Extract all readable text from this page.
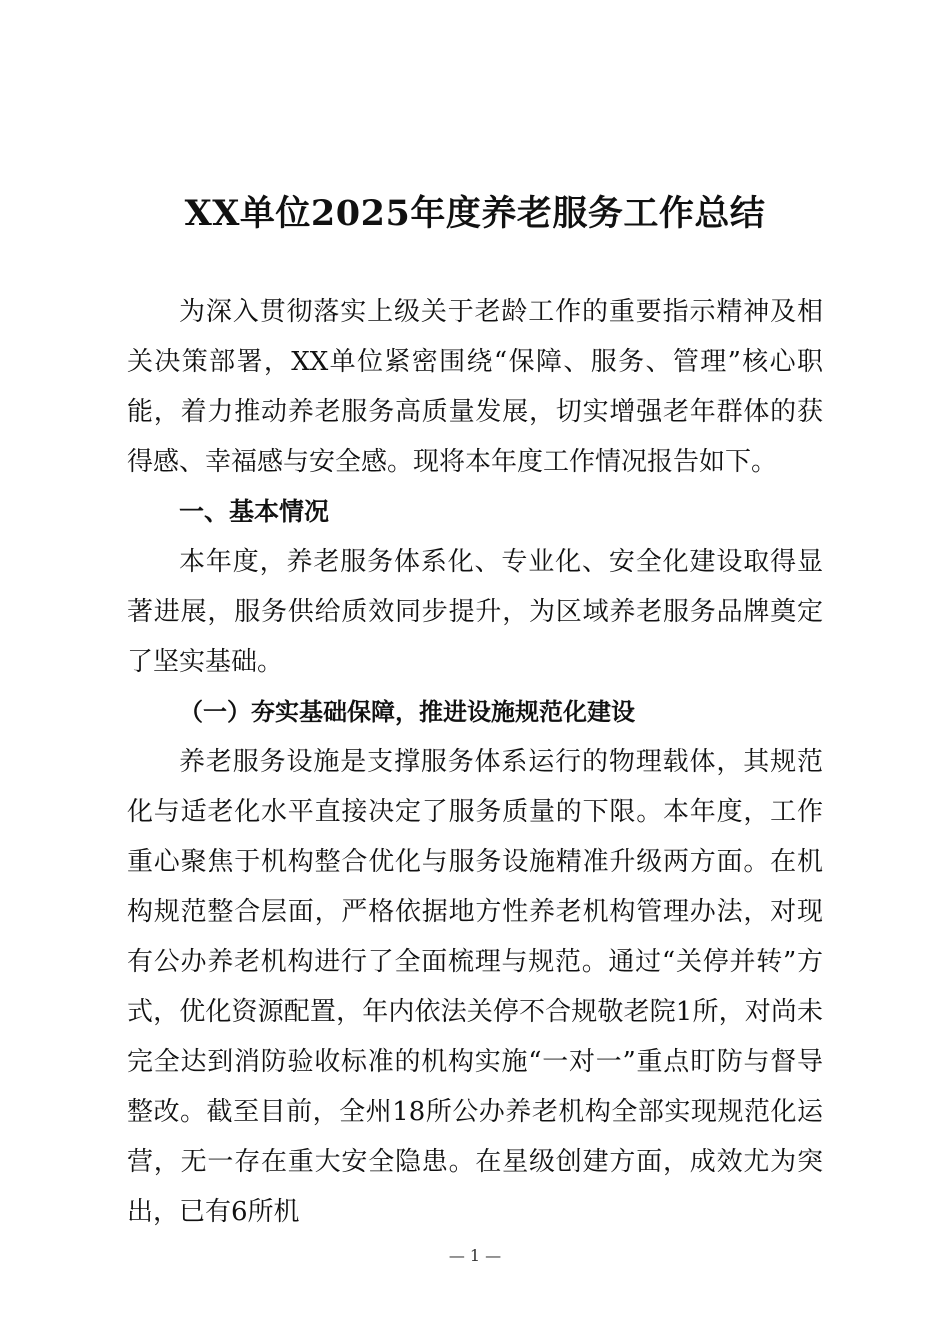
XX单位2025年度养老服务工作总结

为深入贯彻落实上级关于老龄工作的重要指示精神及相关决策部署，XX单位紧密围绕“保障、服务、管理”核心职能，着力推动养老服务高质量发展，切实增强老年群体的获得感、幸福感与安全感。现将本年度工作情况报告如下。

一、基本情况

本年度，养老服务体系化、专业化、安全化建设取得显著进展，服务供给质效同步提升，为区域养老服务品牌奠定了坚实基础。

（一）夯实基础保障，推进设施规范化建设

养老服务设施是支撑服务体系运行的物理载体，其规范化与适老化水平直接决定了服务质量的下限。本年度，工作重心聚焦于机构整合优化与服务设施精准升级两方面。在机构规范整合层面，严格依据地方性养老机构管理办法，对现有公办养老机构进行了全面梳理与规范。通过“关停并转”方式，优化资源配置，年内依法关停不合规敬老院1所，对尚未完全达到消防验收标准的机构实施“一对一”重点盯防与督导整改。截至目前，全州18所公办养老机构全部实现规范化运营，无一存在重大安全隐患。在星级创建方面，成效尤为突出，已有6所机

— 1 —
